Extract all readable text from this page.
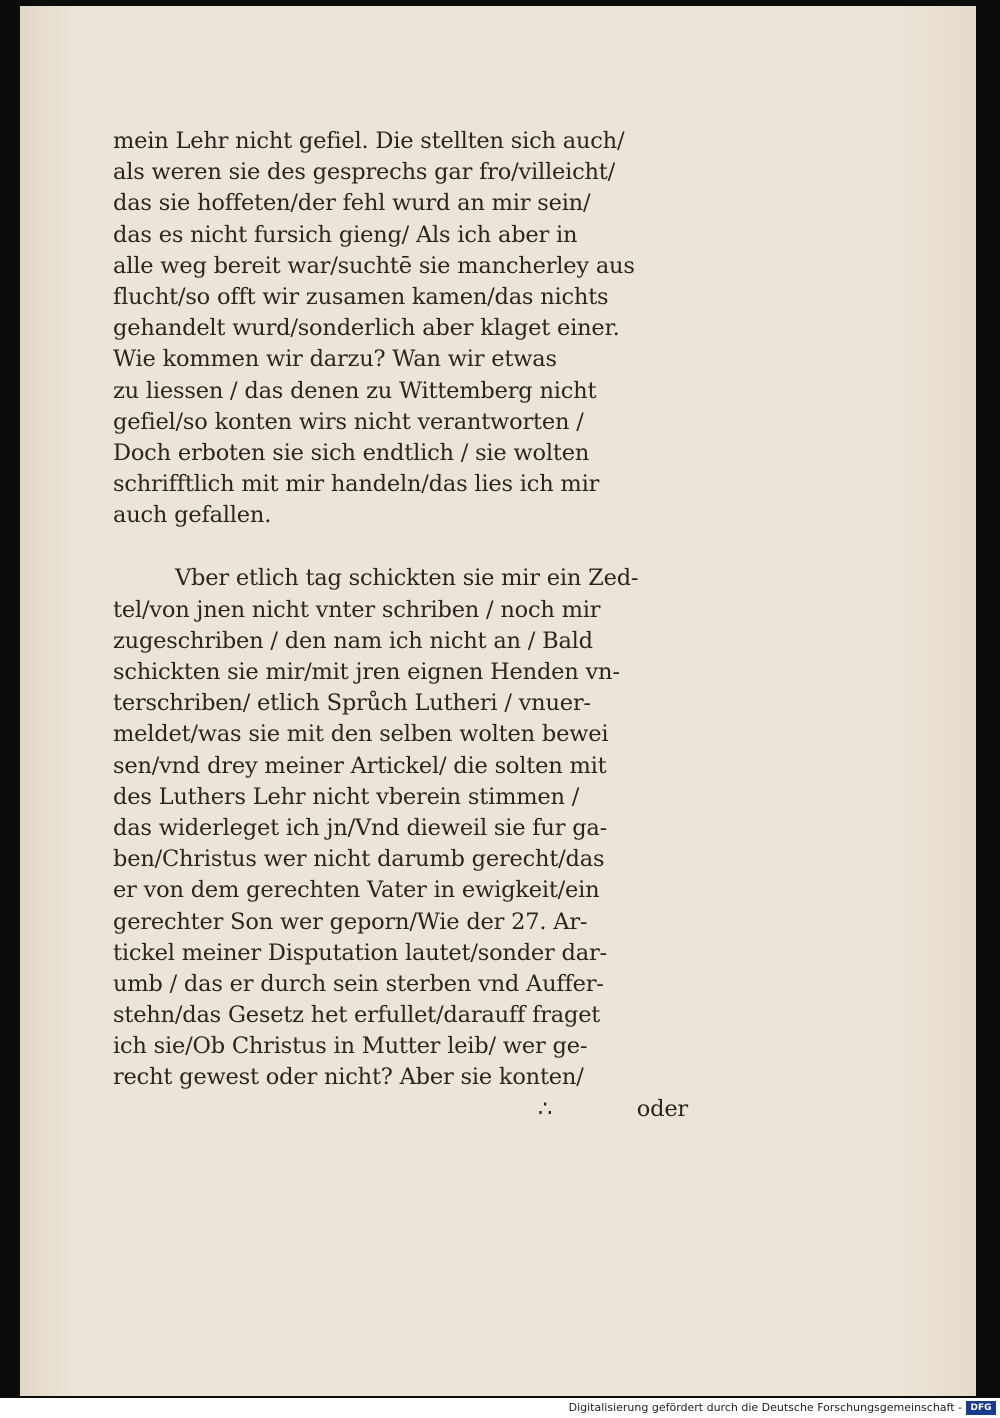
mein Lehr nicht gefiel. Die stellten sich auch/
als weren sie des gesprechs gar fro/villeicht/
das sie hoffeten/der fehl wurd an mir sein/
das es nicht fursich gieng/ Als ich aber in
alle weg bereit war/suchtē sie mancherley aus
flucht/so offt wir zusamen kamen/das nichts
gehandelt wurd/sonderlich aber klaget einer.
Wie kommen wir darzu? Wan wir etwas
zu liessen / das denen zu Wittemberg nicht
gefiel/so konten wirs nicht verantworten /
Doch erboten sie sich endtlich / sie wolten
schrifftlich mit mir handeln/das lies ich mir
auch gefallen.
Vber etlich tag schickten sie mir ein Zed-
tel/von jnen nicht vnter schriben / noch mir
zugeschriben / den nam ich nicht an / Bald
schickten sie mir/mit jren eignen Henden vn-
terschriben/ etlich Sprůch Lutheri / vnuer-
meldet/was sie mit den selben wolten bewei
sen/vnd drey meiner Artickel/ die solten mit
des Luthers Lehr nicht vberein stimmen /
das widerleget ich jn/Vnd dieweil sie fur ga-
ben/Christus wer nicht darumb gerecht/das
er von dem gerechten Vater in ewigkeit/ein
gerechter Son wer geporn/Wie der 27. Ar-
tickel meiner Disputation lautet/sonder dar-
umb / das er durch sein sterben vnd Auffer-
stehn/das Gesetz het erfullet/darauff fraget
ich sie/Ob Christus in Mutter leib/ wer ge-
recht gewest oder nicht? Aber sie konten/
∴	oder
Digitalisierung gefördert durch die Deutsche Forschungsgemeinschaft - DFG
